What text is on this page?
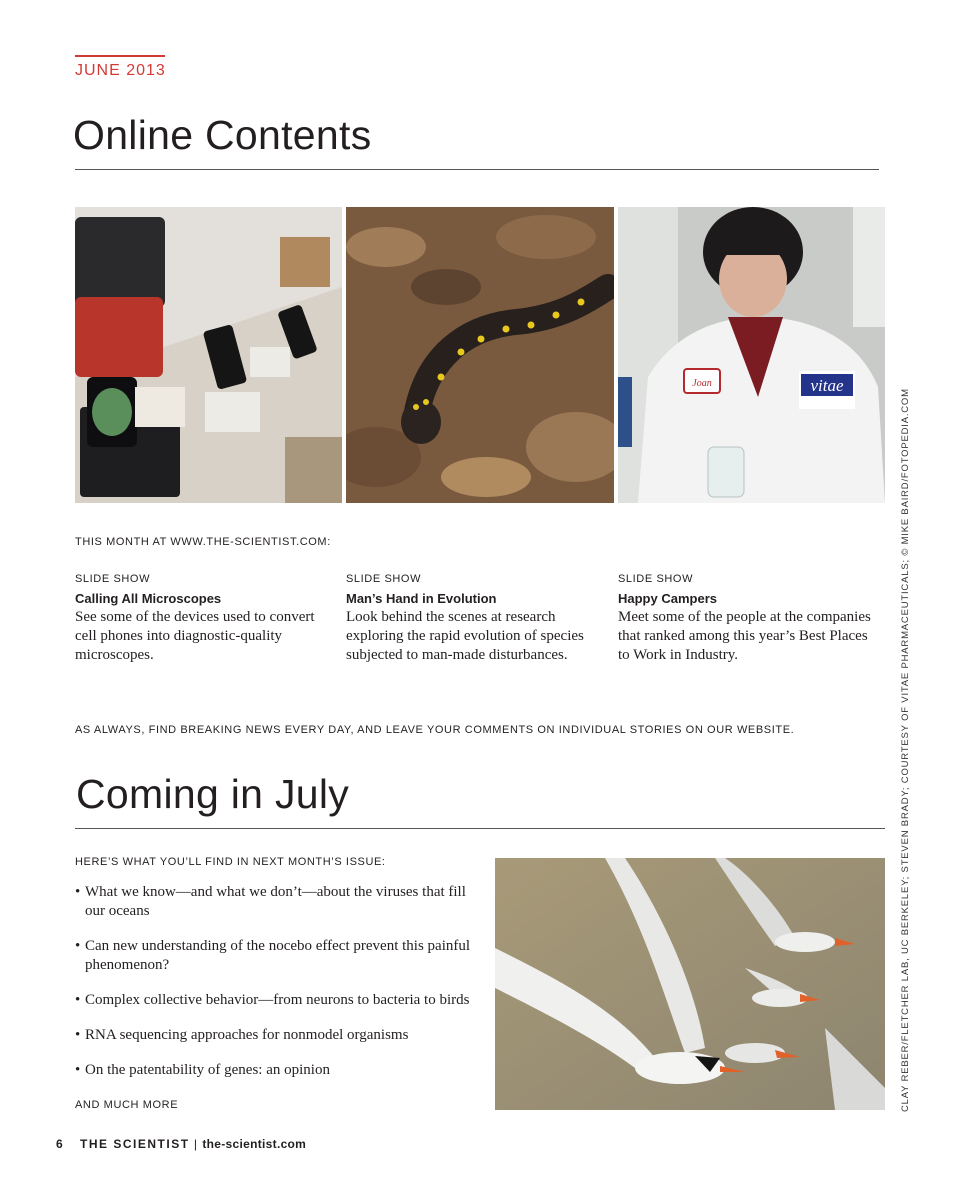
JUNE 2013
Online Contents
Joan	vitae
THIS MONTH AT WWW.THE-SCIENTIST.COM:
SLIDE SHOW
Calling All Microscopes
See some of the devices used to convert cell phones into diagnostic-quality microscopes.
SLIDE SHOW
Man’s Hand in Evolution
Look behind the scenes at research exploring the rapid evolution of species subjected to man-made disturbances.
SLIDE SHOW
Happy Campers
Meet some of the people at the companies that ranked among this year’s Best Places to Work in Industry.
AS ALWAYS, FIND BREAKING NEWS EVERY DAY, AND LEAVE YOUR COMMENTS ON INDIVIDUAL STORIES ON OUR WEBSITE.
Coming in July
HERE’S WHAT YOU’LL FIND IN NEXT MONTH’S ISSUE:
• What we know—and what we don’t—about the viruses that fill our oceans
• Can new understanding of the nocebo effect prevent this painful phenomenon?
• Complex collective behavior—from neurons to bacteria to birds
• RNA sequencing approaches for nonmodel organisms
• On the patentability of genes: an opinion
AND MUCH MORE	CLAY REBER/FLETCHER LAB, UC BERKELEY; STEVEN BRADY; COURTESY OF VITAE PHARMACEUTICALS; © MIKE BAIRD/FOTOPEDIA.COM
6 THE SCIENTIST | the-scientist.com
